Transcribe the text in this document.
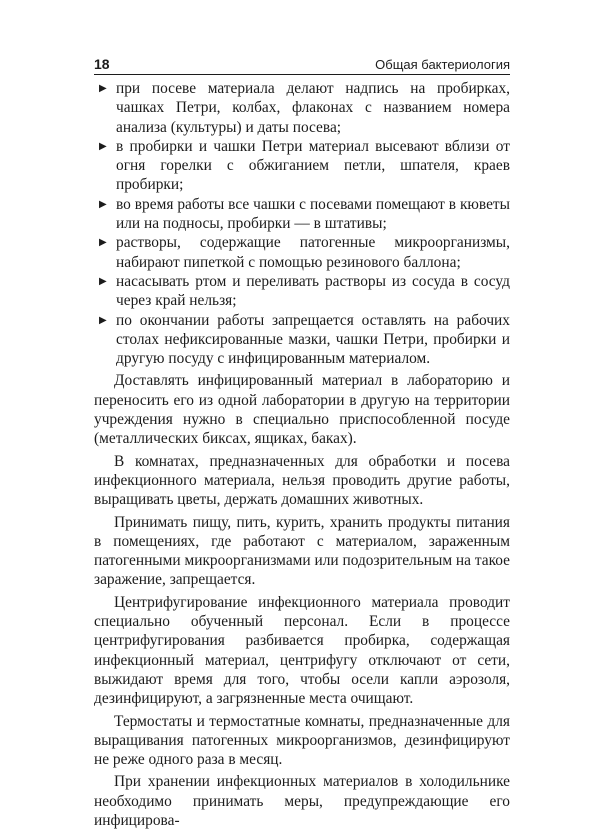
18	Общая бактериология
▶ при посеве материала делают надпись на пробирках, чашках Петри, колбах, флаконах с названием номера анализа (культуры) и даты посева;
▶ в пробирки и чашки Петри материал высевают вблизи от огня горелки с обжиганием петли, шпателя, краев пробирки;
▶ во время работы все чашки с посевами помещают в кюветы или на подносы, пробирки — в штативы;
▶ растворы, содержащие патогенные микроорганизмы, набирают пипеткой с помощью резинового баллона;
▶ насасывать ртом и переливать растворы из сосуда в сосуд через край нельзя;
▶ по окончании работы запрещается оставлять на рабочих столах нефиксированные мазки, чашки Петри, пробирки и другую посуду с инфицированным материалом.

Доставлять инфицированный материал в лабораторию и переносить его из одной лаборатории в другую на территории учреждения нужно в специально приспособленной посуде (металлических биксах, ящиках, баках).

В комнатах, предназначенных для обработки и посева инфекционного материала, нельзя проводить другие работы, выращивать цветы, держать домашних животных.

Принимать пищу, пить, курить, хранить продукты питания в помещениях, где работают с материалом, зараженным патогенными микроорганизмами или подозрительным на такое заражение, запрещается.

Центрифугирование инфекционного материала проводит специально обученный персонал. Если в процессе центрифугирования разбивается пробирка, содержащая инфекционный материал, центрифугу отключают от сети, выжидают время для того, чтобы осели капли аэрозоля, дезинфицируют, а загрязненные места очищают.

Термостаты и термостатные комнаты, предназначенные для выращивания патогенных микроорганизмов, дезинфицируют не реже одного раза в месяц.

При хранении инфекционных материалов в холодильнике необходимо принимать меры, предупреждающие его инфицирова-
